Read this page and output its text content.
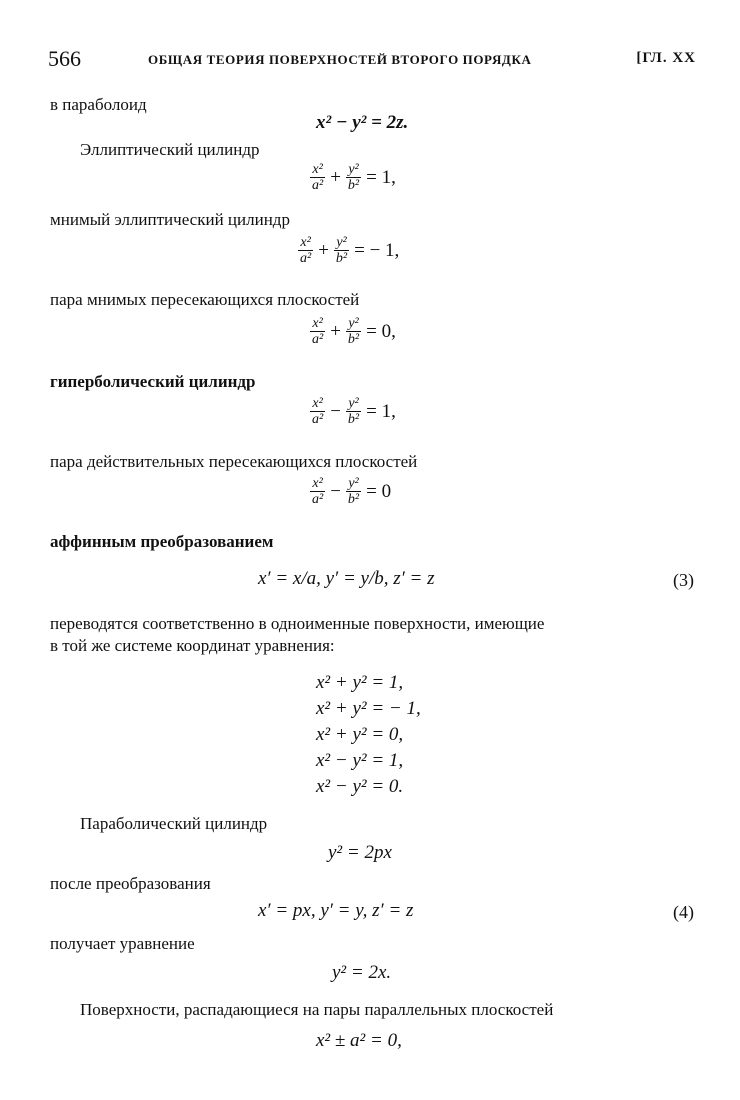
566	ОБЩАЯ ТЕОРИЯ ПОВЕРХНОСТЕЙ ВТОРОГО ПОРЯДКА	[ГЛ. XX
в параболоид
x² − y² = 2z.
Эллиптический цилиндр
$\frac{\text{x²}}{\text{a²}} + \frac{\text{y²}}{\text{b²}} = 1$,
мнимый эллиптический цилиндр
$\frac{\text{x²}}{\text{a²}} + \frac{\text{y²}}{\text{b²}}$ = − 1,
пара мнимых пересекающихся плоскостей
$\frac{\text{x²}}{\text{a²}} + \frac{\text{y²}}{\text{b²}} = 0$,
гиперболический цилиндр
$\frac{\text{x²}}{\text{a²}} - \frac{\text{y²}}{\text{b²}} = 1$,
пара действительных пересекающихся плоскостей
$\frac{\text{x²}}{\text{a²}} - \frac{\text{y²}}{\text{b²}} = 0$
аффинным преобразованием
x′ = x/a, y′ = y/b, z′ = z	(3)
переводятся соответственно в одноименные поверхности, имеющие
в той же системе координат уравнения:
x² + y² = 1,
x² + y² = − 1,
x² + y² = 0,
x² − y² = 1,
x² − y² = 0.
Параболический цилиндр
y² = 2px
после преобразования
x′ = px, y′ = y, z′ = z	(4)
получает уравнение
y² = 2x.
Поверхности, распадающиеся на пары параллельных плоскостей
x² ± a² = 0,
